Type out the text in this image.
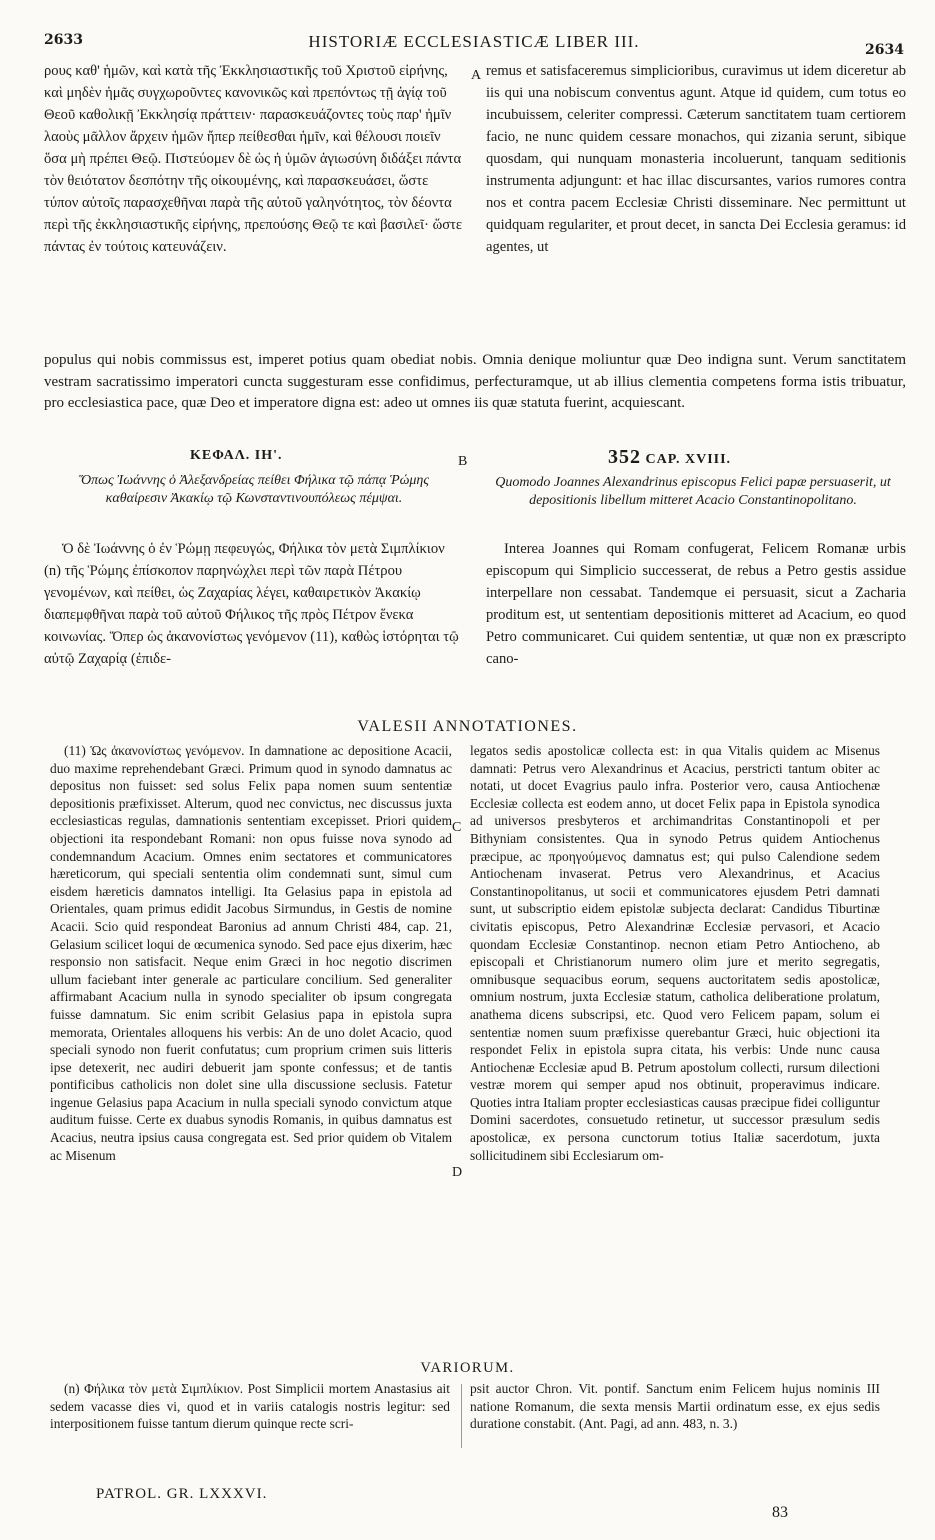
2633	HISTORIÆ ECCLESIASTICÆ LIBER III.	2634

ρους καθ' ἡμῶν, καὶ κατὰ τῆς Ἐκκλησιαστικῆς τοῦ Χριστοῦ εἰρήνης, καὶ μηδὲν ἡμᾶς συγχωροῦντες κανονικῶς καὶ πρεπόντως τῇ ἁγίᾳ τοῦ Θεοῦ καθολικῇ Ἐκκλησίᾳ πράττειν· παρασκευάζοντες τοὺς παρ' ἡμῖν λαοὺς μᾶλλον ἄρχειν ἡμῶν ἤπερ πείθεσθαι ἡμῖν, καὶ θέλουσι ποιεῖν ὅσα μὴ πρέπει Θεῷ. Πιστεύομεν δὲ ὡς ἡ ὑμῶν ἁγιωσύνη διδάξει πάντα τὸν θειότατον δεσπότην τῆς οἰκουμένης, καὶ παρασκευάσει, ὥστε τύπον αὐτοῖς παρασχεθῆναι παρὰ τῆς αὐτοῦ γαληνότητος, τὸν δέοντα περὶ τῆς ἐκκλησιαστικῆς εἰρήνης, πρεπούσης Θεῷ τε καὶ βασιλεῖ· ὥστε πάντας ἐν τούτοις κατευνάζειν.

A remus et satisfaceremus simplicioribus, curavimus ut idem diceretur ab iis qui una nobiscum conventus agunt. Atque id quidem, cum totus eo incubuissem, celeriter compressi. Cæterum sanctitatem tuam certiorem facio, ne nunc quidem cessare monachos, qui zizania serunt, sibique quosdam, qui nunquam monasteria incoluerunt, tanquam seditionis instrumenta adjungunt: et hac illac discursantes, varios rumores contra nos et contra pacem Ecclesiæ Christi disseminare. Nec permittunt ut quidquam regulariter, et prout decet, in sancta Dei Ecclesia geramus: id agentes, ut

populus qui nobis commissus est, imperet potius quam obediat nobis. Omnia denique moliuntur quæ Deo indigna sunt. Verum sanctitatem vestram sacratissimo imperatori cuncta suggesturam esse confidimus, perfecturamque, ut ab illius clementia competens forma istis tribuatur, pro ecclesiastica pace, quæ Deo et imperatore digna est: adeo ut omnes iis quæ statuta fuerint, acquiescant.
ΚΕΦΑΛ. ΙΗ'.	B	352 CAP. XVIII.
Ὅπως Ἰωάννης ὁ Ἀλεξανδρείας πείθει Φήλικα τῷ πάπᾳ Ῥώμης καθαίρεσιν Ἀκακίῳ τῷ Κωνσταντινουπόλεως πέμψαι.
Quomodo Joannes Alexandrinus episcopus Felici papæ persuaserit, ut depositionis libellum mitteret Acacio Constantinopolitano.

Ὁ δὲ Ἰωάννης ὁ ἐν Ῥώμῃ πεφευγώς, Φήλικα τὸν μετὰ Σιμπλίκιον (n) τῆς Ῥώμης ἐπίσκοπον παρηνώχλει περὶ τῶν παρὰ Πέτρου γενομένων, καὶ πείθει, ὡς Ζαχαρίας λέγει, καθαιρετικὸν Ἀκακίῳ διαπεμφθῆναι παρὰ τοῦ αὐτοῦ Φήλικος τῆς πρὸς Πέτρον ἕνεκα κοινωνίας. Ὅπερ ὡς ἀκανονίστως γενόμενον (11), καθὼς ἱστόρηται τῷ αὐτῷ Ζαχαρίᾳ (ἐπιδε-

Interea Joannes qui Romam confugerat, Felicem Romanæ urbis episcopum qui Simplicio successerat, de rebus a Petro gestis assidue interpellare non cessabat. Tandemque ei persuasit, sicut a Zacharia proditum est, ut sententiam depositionis mitteret ad Acacium, eo quod Petro communicaret. Cui quidem sententiæ, ut quæ non ex præscripto cano-

VALESII ANNOTATIONES.
(11) Ὡς ἀκανονίστως γενόμενον. In damnatione ac depositione Acacii, duo maxime reprehendebant Græci. Primum quod in synodo damnatus ac depositus non fuisset: sed solus Felix papa nomen suum sententiæ depositionis præfixisset. Alterum, quod nec convictus, nec discussus juxta ecclesiasticas regulas, damnationis sententiam excepisset. Priori quidem objectioni ita respondebant Romani: non opus fuisse nova synodo ad condemnandum Acacium. Omnes enim sectatores et communicatores hæreticorum, qui speciali sententia olim condemnati sunt, simul cum eisdem hæreticis damnatos intelligi. Ita Gelasius papa in epistola ad Orientales, quam primus edidit Jacobus Sirmundus, in Gestis de nomine Acacii. Scio quid respondeat Baronius ad annum Christi 484, cap. 21, Gelasium scilicet loqui de œcumenica synodo. Sed pace ejus dixerim, hæc responsio non satisfacit. Neque enim Græci in hoc negotio discrimen ullum faciebant inter generale ac particulare concilium. Sed generaliter affirmabant Acacium nulla in synodo specialiter ob ipsum congregata fuisse damnatum. Sic enim scribit Gelasius papa in epistola supra memorata, Orientales alloquens his verbis: An de uno dolet Acacio, quod speciali synodo non fuerit confutatus; cum proprium crimen suis litteris ipse detexerit, nec audiri debuerit jam sponte confessus; et de tantis pontificibus catholicis non dolet sine ulla discussione seclusis. Fatetur ingenue Gelasius papa Acacium in nulla speciali synodo convictum atque auditum fuisse. Certe ex duabus synodis Romanis, in quibus damnatus est Acacius, neutra ipsius causa congregata est. Sed prior quidem ob Vitalem ac Misenum
C
D
legatos sedis apostolicæ collecta est: in qua Vitalis quidem ac Misenus damnati: Petrus vero Alexandrinus et Acacius, perstricti tantum obiter ac notati, ut docet Evagrius paulo infra. Posterior vero, causa Antiochenæ Ecclesiæ collecta est eodem anno, ut docet Felix papa in Epistola synodica ad universos presbyteros et archimandritas Constantinopoli et per Bithyniam consistentes. Qua in synodo Petrus quidem Antiochenus præcipue, ac προηγούμενος damnatus est; qui pulso Calendione sedem Antiochenam invaserat. Petrus vero Alexandrinus, et Acacius Constantinopolitanus, ut socii et communicatores ejusdem Petri damnati sunt, ut subscriptio eidem epistolæ subjecta declarat: Candidus Tiburtinæ civitatis episcopus, Petro Alexandrinæ Ecclesiæ pervasori, et Acacio quondam Ecclesiæ Constantinop. necnon etiam Petro Antiocheno, ab episcopali et Christianorum numero olim jure et merito segregatis, omnibusque sequacibus eorum, sequens auctoritatem sedis apostolicæ, omnium nostrum, juxta Ecclesiæ statum, catholica deliberatione prolatum, anathema dicens subscripsi, etc. Quod vero Felicem papam, solum ei sententiæ nomen suum præfixisse querebantur Græci, huic objectioni ita respondet Felix in epistola supra citata, his verbis: Unde nunc causa Antiochenæ Ecclesiæ apud B. Petrum apostolum collecti, rursum dilectioni vestræ morem qui semper apud nos obtinuit, properavimus indicare. Quoties intra Italiam propter ecclesiasticas causas præcipue fidei colliguntur Domini sacerdotes, consuetudo retinetur, ut successor præsulum sedis apostolicæ, ex persona cunctorum totius Italiæ sacerdotum, juxta sollicitudinem sibi Ecclesiarum om-
VARIORUM.
(n) Φήλικα τὸν μετὰ Σιμπλίκιον. Post Simplicii mortem Anastasius ait sedem vacasse dies vi, quod et in variis catalogis nostris legitur: sed interpositionem fuisse tantum dierum quinque recte scri-
psit auctor Chron. Vit. pontif. Sanctum enim Felicem hujus nominis III natione Romanum, die sexta mensis Martii ordinatum esse, ex ejus sedis duratione constabit. (Ant. Pagi, ad ann. 483, n. 3.)
PATROL. GR. LXXXVI.
83
